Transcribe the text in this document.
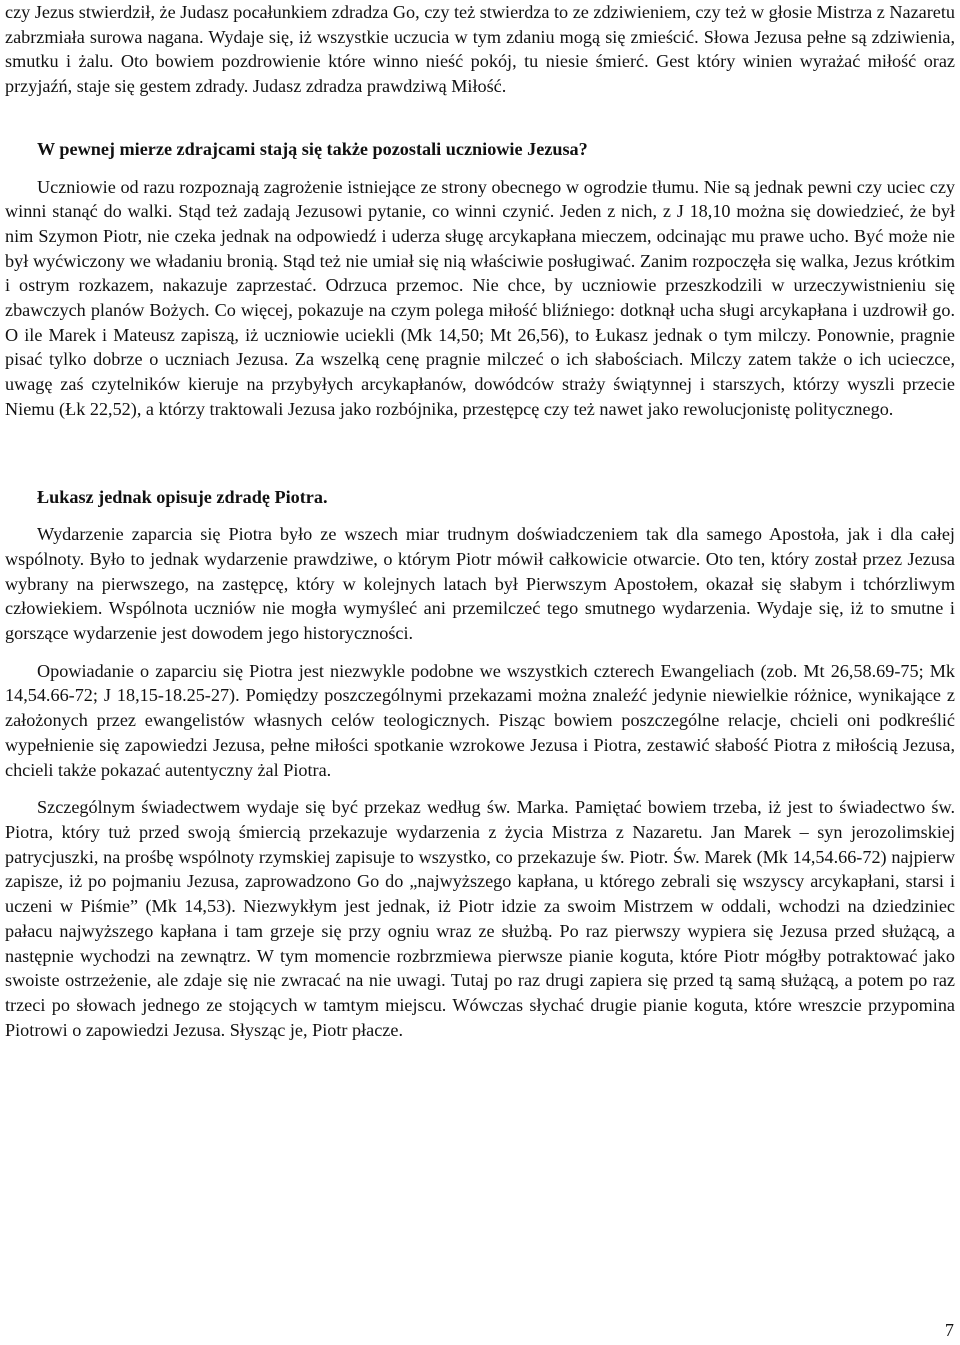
czy Jezus stwierdził, że Judasz pocałunkiem zdradza Go, czy też stwierdza to ze zdziwieniem, czy też w głosie Mistrza z Nazaretu zabrzmiała surowa nagana. Wydaje się, iż wszystkie uczucia w tym zdaniu mogą się zmieścić. Słowa Jezusa pełne są zdziwienia, smutku i żalu. Oto bowiem pozdrowienie które winno nieść pokój, tu niesie śmierć. Gest który winien wyrażać miłość oraz przyjaźń, staje się gestem zdrady. Judasz zdradza prawdziwą Miłość.

W pewnej mierze zdrajcami stają się także pozostali uczniowie Jezusa?

Uczniowie od razu rozpoznają zagrożenie istniejące ze strony obecnego w ogrodzie tłumu. Nie są jednak pewni czy uciec czy winni stanąć do walki. Stąd też zadają Jezusowi pytanie, co winni czynić. Jeden z nich, z J 18,10 można się dowiedzieć, że był nim Szymon Piotr, nie czeka jednak na odpowiedź i uderza sługę arcykapłana mieczem, odcinając mu prawe ucho. Być może nie był wyćwiczony we władaniu bronią. Stąd też nie umiał się nią właściwie posługiwać. Zanim rozpoczęła się walka, Jezus krótkim i ostrym rozkazem, nakazuje zaprzestać. Odrzuca przemoc. Nie chce, by uczniowie przeszkodzili w urzeczywistnieniu się zbawczych planów Bożych. Co więcej, pokazuje na czym polega miłość bliźniego: dotknął ucha sługi arcykapłana i uzdrowił go. O ile Marek i Mateusz zapiszą, iż uczniowie uciekli (Mk 14,50; Mt 26,56), to Łukasz jednak o tym milczy. Ponownie, pragnie pisać tylko dobrze o uczniach Jezusa. Za wszelką cenę pragnie milczeć o ich słabościach. Milczy zatem także o ich ucieczce, uwagę zaś czytelników kieruje na przybyłych arcykapłanów, dowódców straży świątynnej i starszych, którzy wyszli przecie Niemu (Łk 22,52), a którzy traktowali Jezusa jako rozbójnika, przestępcę czy też nawet jako rewolucjonistę politycznego.

Łukasz jednak opisuje zdradę Piotra.

Wydarzenie zaparcia się Piotra było ze wszech miar trudnym doświadczeniem tak dla samego Apostoła, jak i dla całej wspólnoty. Było to jednak wydarzenie prawdziwe, o którym Piotr mówił całkowicie otwarcie. Oto ten, który został przez Jezusa wybrany na pierwszego, na zastępcę, który w kolejnych latach był Pierwszym Apostołem, okazał się słabym i tchórzliwym człowiekiem. Wspólnota uczniów nie mogła wymyśleć ani przemilczeć tego smutnego wydarzenia. Wydaje się, iż to smutne i gorszące wydarzenie jest dowodem jego historyczności.

Opowiadanie o zaparciu się Piotra jest niezwykle podobne we wszystkich czterech Ewangeliach (zob. Mt 26,58.69-75; Mk 14,54.66-72; J 18,15-18.25-27). Pomiędzy poszczególnymi przekazami można znaleźć jedynie niewielkie różnice, wynikające z założonych przez ewangelistów własnych celów teologicznych. Pisząc bowiem poszczególne relacje, chcieli oni podkreślić wypełnienie się zapowiedzi Jezusa, pełne miłości spotkanie wzrokowe Jezusa i Piotra, zestawić słabość Piotra z miłością Jezusa, chcieli także pokazać autentyczny żal Piotra.

Szczególnym świadectwem wydaje się być przekaz według św. Marka. Pamiętać bowiem trzeba, iż jest to świadectwo św. Piotra, który tuż przed swoją śmiercią przekazuje wydarzenia z życia Mistrza z Nazaretu. Jan Marek – syn jerozolimskiej patrycjuszki, na prośbę wspólnoty rzymskiej zapisuje to wszystko, co przekazuje św. Piotr. Św. Marek (Mk 14,54.66-72) najpierw zapisze, iż po pojmaniu Jezusa, zaprowadzono Go do „najwyższego kapłana, u którego zebrali się wszyscy arcykapłani, starsi i uczeni w Piśmie” (Mk 14,53). Niezwykłym jest jednak, iż Piotr idzie za swoim Mistrzem w oddali, wchodzi na dziedziniec pałacu najwyższego kapłana i tam grzeje się przy ogniu wraz ze służbą. Po raz pierwszy wypiera się Jezusa przed służącą, a następnie wychodzi na zewnątrz. W tym momencie rozbrzmiewa pierwsze pianie koguta, które Piotr mógłby potraktować jako swoiste ostrzeżenie, ale zdaje się nie zwracać na nie uwagi. Tutaj po raz drugi zapiera się przed tą samą służącą, a potem po raz trzeci po słowach jednego ze stojących w tamtym miejscu. Wówczas słychać drugie pianie koguta, które wreszcie przypomina Piotrowi o zapowiedzi Jezusa. Słysząc je, Piotr płacze.

7
